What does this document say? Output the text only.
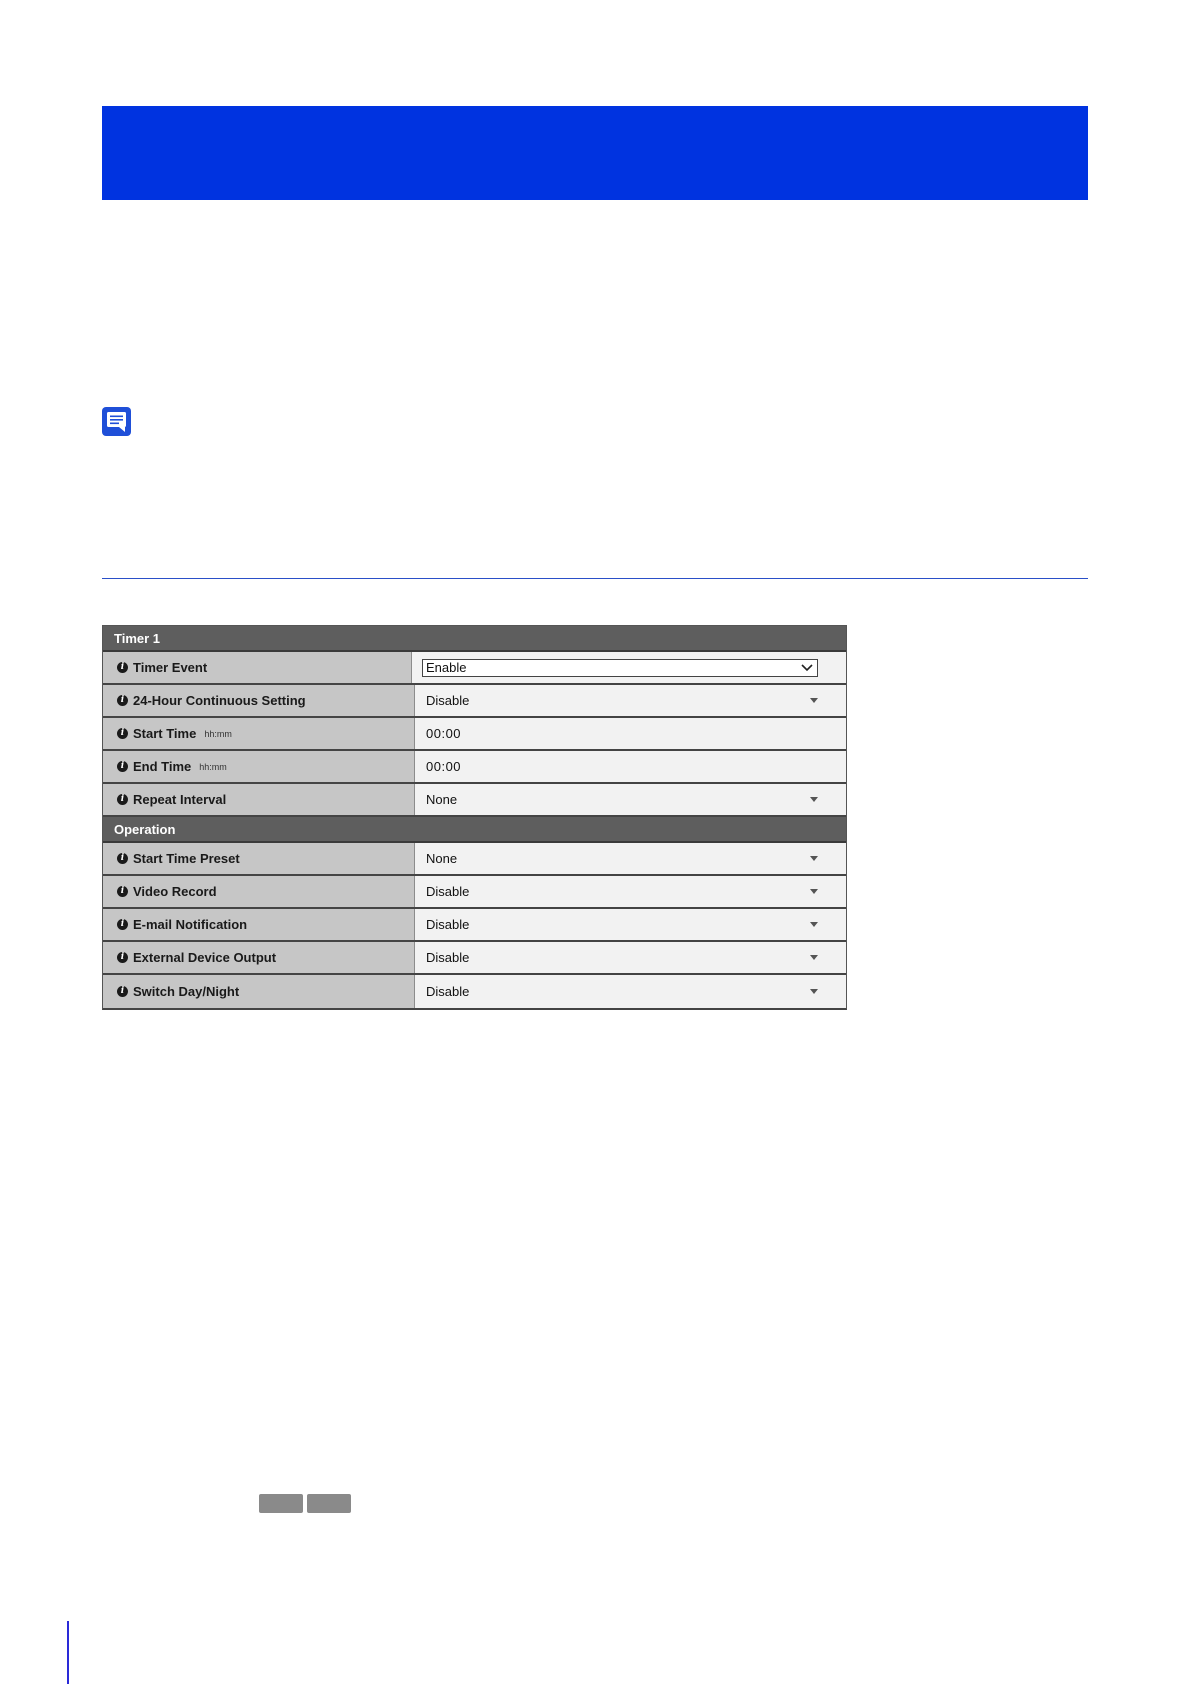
Timer 1
i Timer Event	Enable
i 24-Hour Continuous Setting	Disable
i Start Time hh:mm	00:00
i End Time hh:mm	00:00
i Repeat Interval	None
Operation
i Start Time Preset	None
i Video Record	Disable
i E-mail Notification	Disable
i External Device Output	Disable
i Switch Day/Night	Disable
